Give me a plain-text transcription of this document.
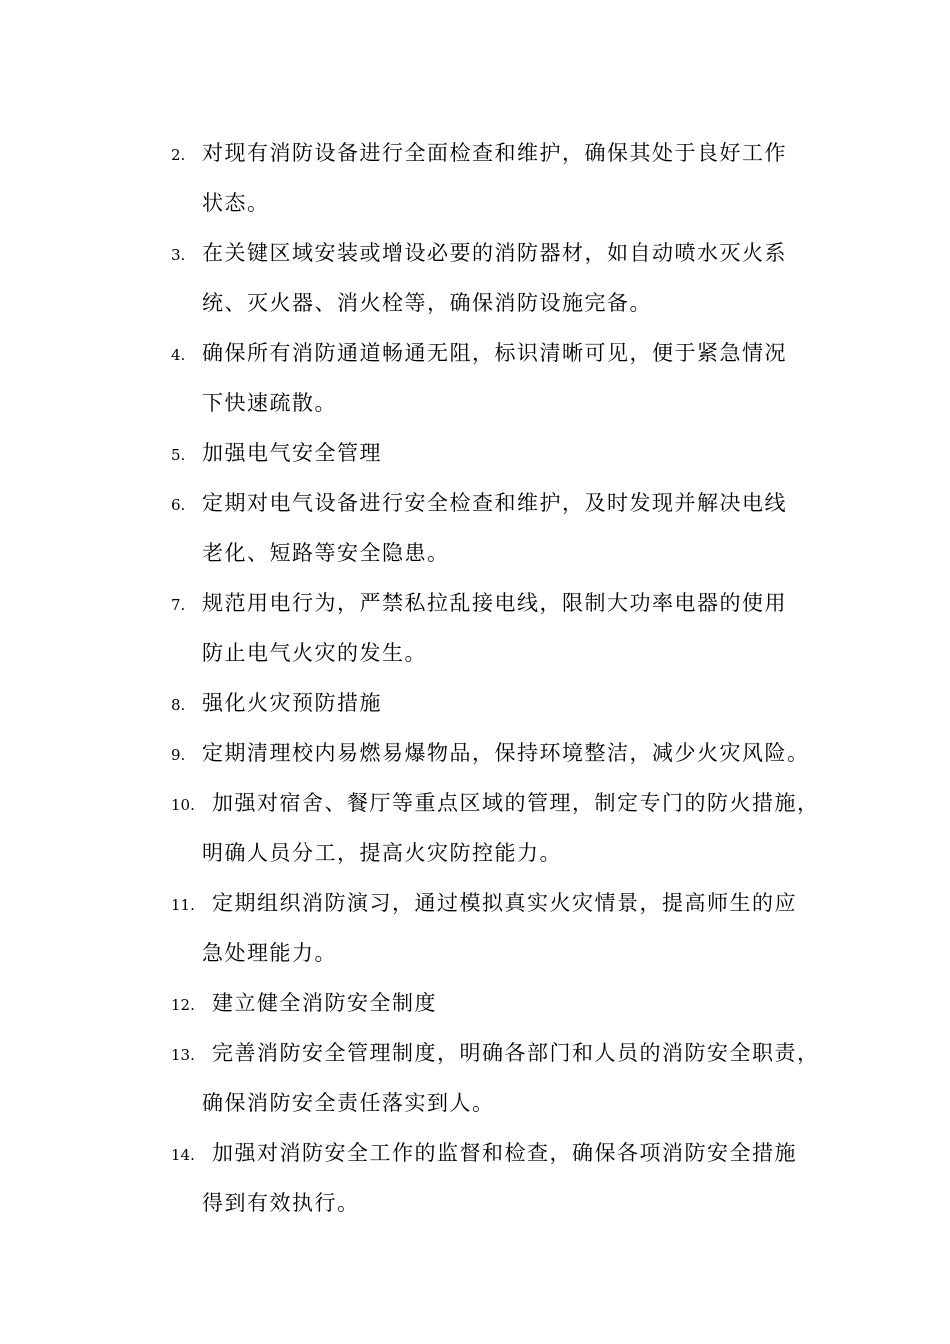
2. 对现有消防设备进行全面检查和维护，确保其处于良好工作
状态。
3. 在关键区域安装或增设必要的消防器材，如自动喷水灭火系
统、灭火器、消火栓等，确保消防设施完备。
4. 确保所有消防通道畅通无阻，标识清晰可见，便于紧急情况
下快速疏散。
5. 加强电气安全管理
6. 定期对电气设备进行安全检查和维护，及时发现并解决电线
老化、短路等安全隐患。
7. 规范用电行为，严禁私拉乱接电线，限制大功率电器的使用
防止电气火灾的发生。
8. 强化火灾预防措施
9. 定期清理校内易燃易爆物品，保持环境整洁，减少火灾风险。
10. 加强对宿舍、餐厅等重点区域的管理，制定专门的防火措施，
明确人员分工，提高火灾防控能力。
11. 定期组织消防演习，通过模拟真实火灾情景，提高师生的应
急处理能力。
12. 建立健全消防安全制度
13. 完善消防安全管理制度，明确各部门和人员的消防安全职责，
确保消防安全责任落实到人。
14. 加强对消防安全工作的监督和检查，确保各项消防安全措施
得到有效执行。
